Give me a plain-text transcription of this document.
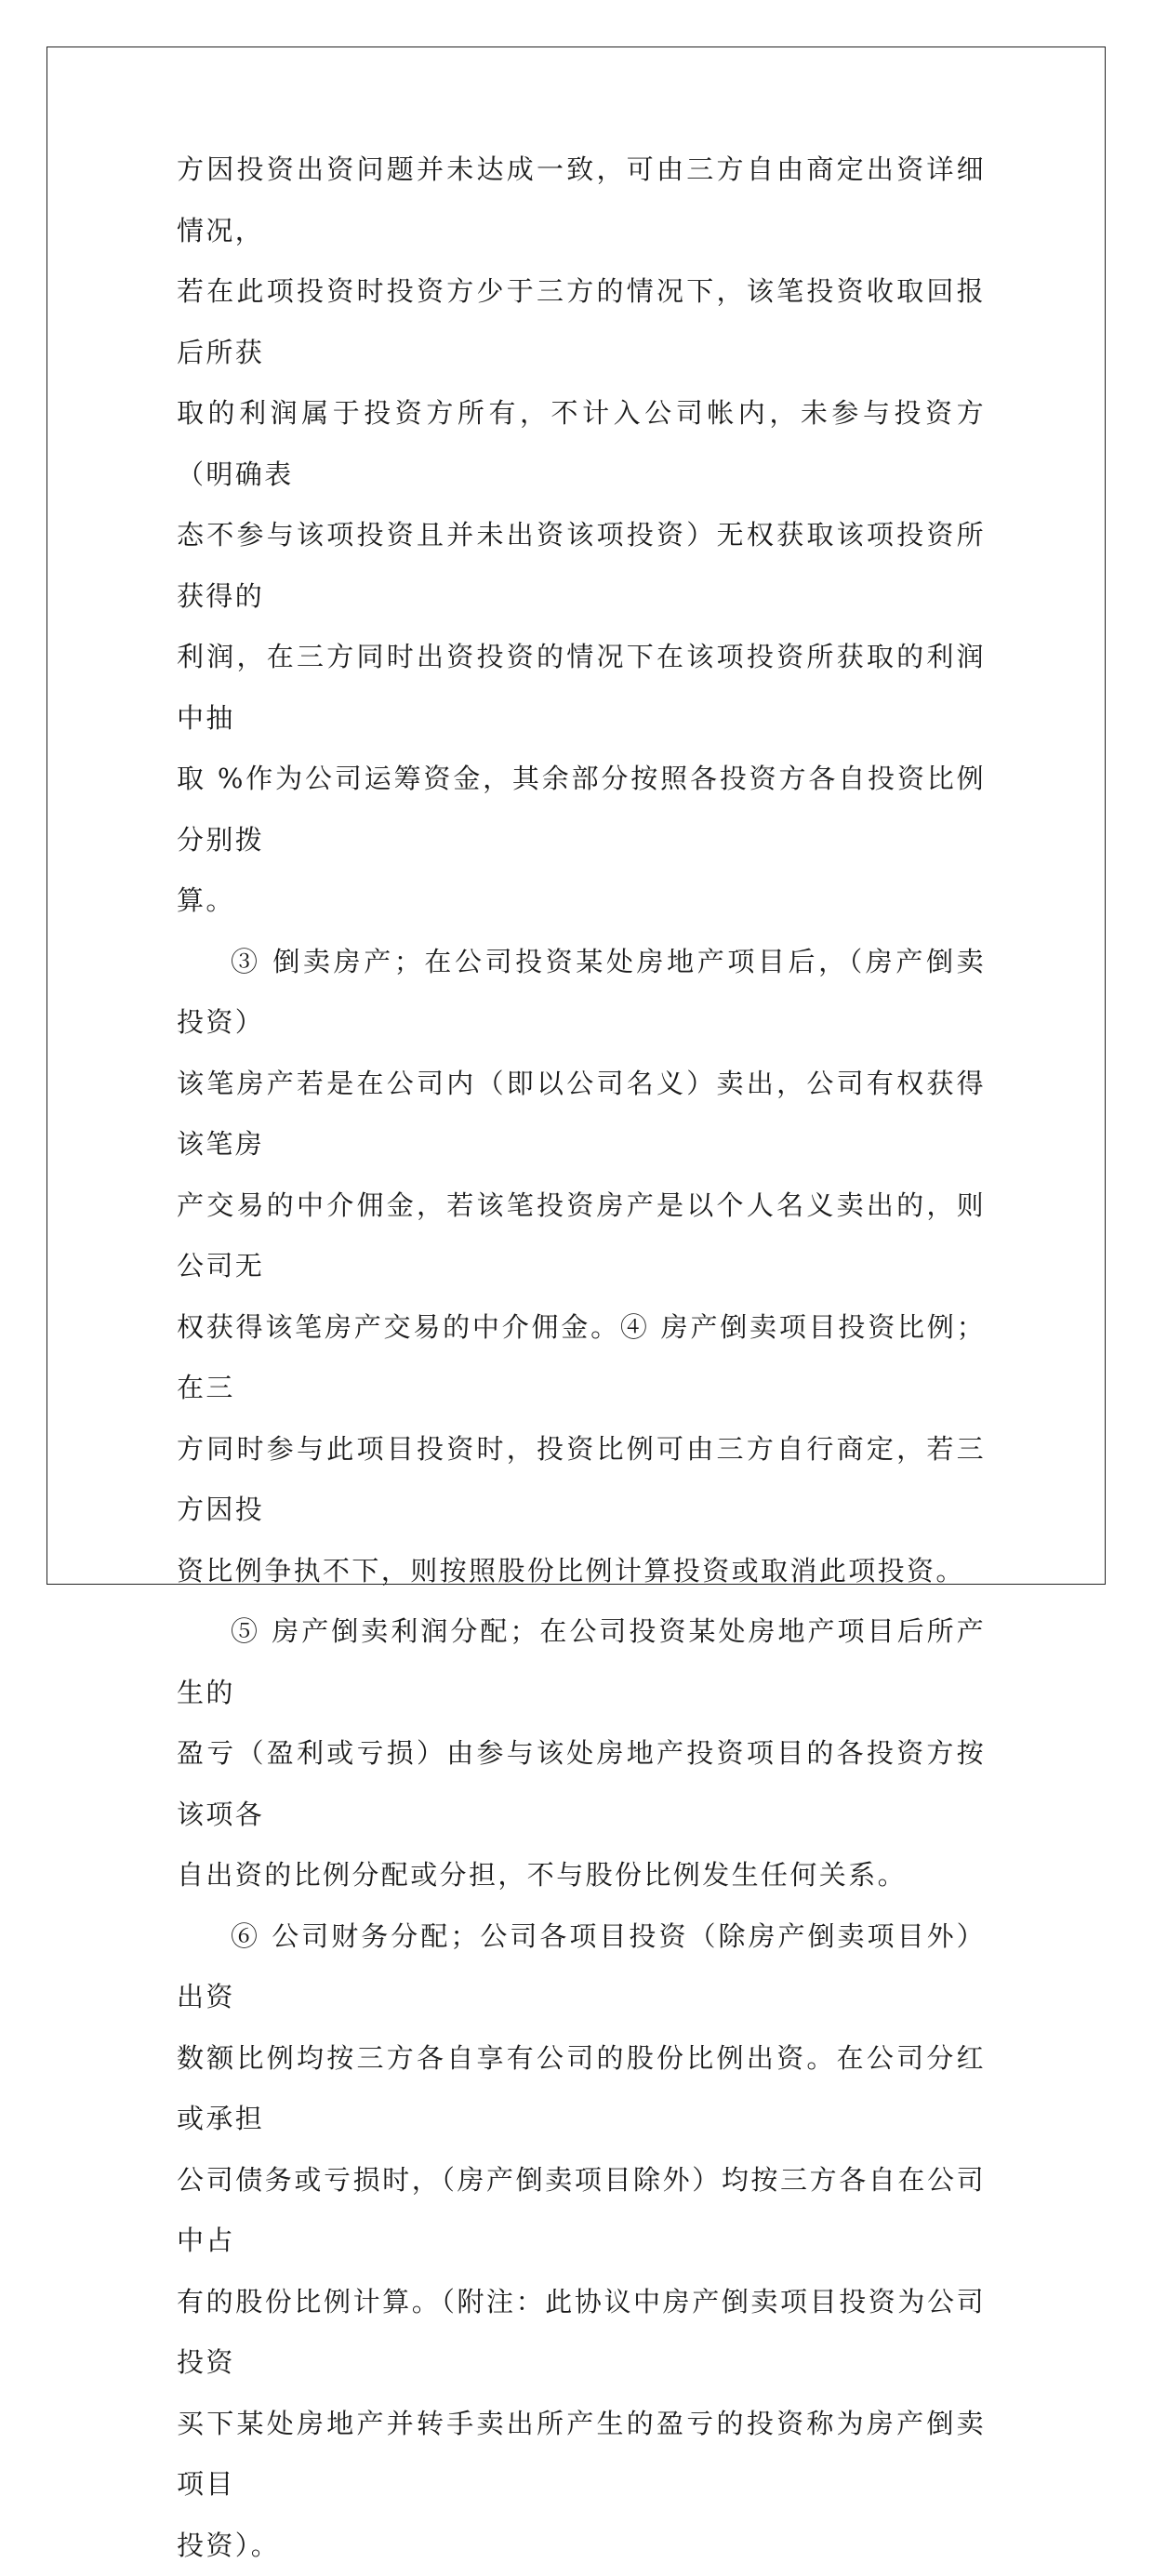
方因投资出资问题并未达成一致，可由三方自由商定出资详细情况，
若在此项投资时投资方少于三方的情况下，该笔投资收取回报后所获
取的利润属于投资方所有，不计入公司帐内，未参与投资方（明确表
态不参与该项投资且并未出资该项投资）无权获取该项投资所获得的
利润，在三方同时出资投资的情况下在该项投资所获取的利润中抽
取 %作为公司运筹资金，其余部分按照各投资方各自投资比例分别拨
算。

③ 倒卖房产；在公司投资某处房地产项目后，（房产倒卖投资）
该笔房产若是在公司内（即以公司名义）卖出，公司有权获得该笔房
产交易的中介佣金，若该笔投资房产是以个人名义卖出的，则公司无
权获得该笔房产交易的中介佣金。④ 房产倒卖项目投资比例；在三
方同时参与此项目投资时，投资比例可由三方自行商定，若三方因投
资比例争执不下，则按照股份比例计算投资或取消此项投资。

⑤ 房产倒卖利润分配；在公司投资某处房地产项目后所产生的
盈亏（盈利或亏损）由参与该处房地产投资项目的各投资方按该项各
自出资的比例分配或分担，不与股份比例发生任何关系。

⑥ 公司财务分配；公司各项目投资（除房产倒卖项目外）出资
数额比例均按三方各自享有公司的股份比例出资。在公司分红或承担
公司债务或亏损时，（房产倒卖项目除外）均按三方各自在公司中占
有的股份比例计算。（附注：此协议中房产倒卖项目投资为公司投资
买下某处房地产并转手卖出所产生的盈亏的投资称为房产倒卖项目
投资）。
